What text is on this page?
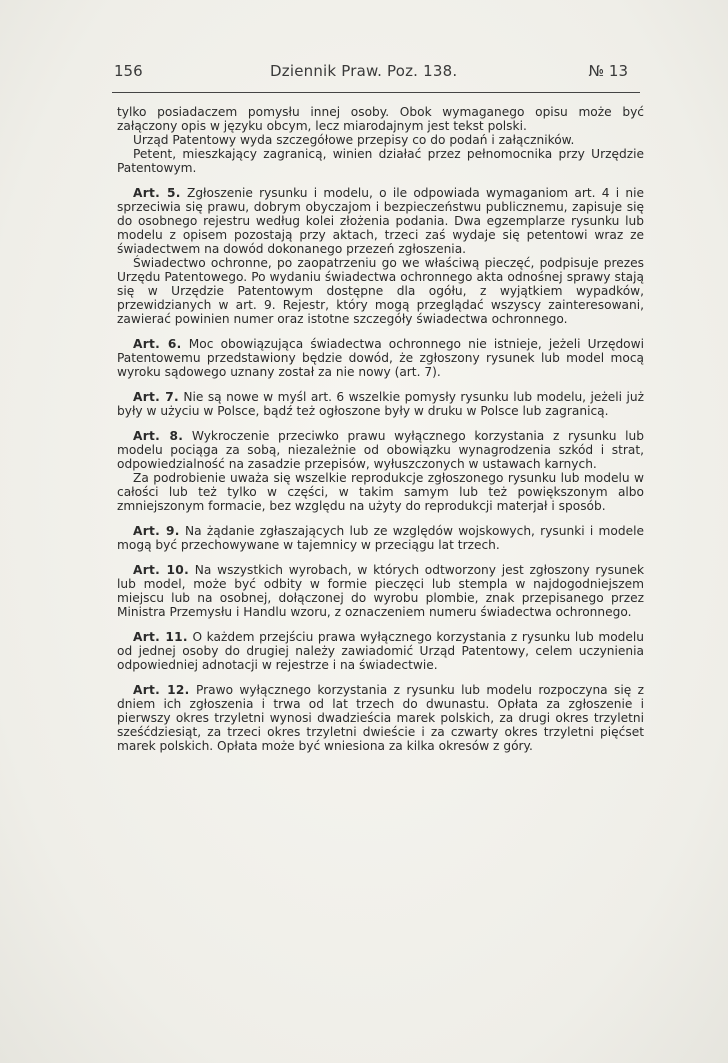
156	Dziennik Praw. Poz. 138.	№ 13

tylko posiadaczem pomysłu innej osoby. Obok wymaganego opisu może być załączony opis w języku obcym, lecz miarodajnym jest tekst polski.

Urząd Patentowy wyda szczegółowe przepisy co do podań i załączników.

Petent, mieszkający zagranicą, winien działać przez pełnomocnika przy Urzędzie Patentowym.

Art. 5. Zgłoszenie rysunku i modelu, o ile odpowiada wymaganiom art. 4 i nie sprzeciwia się prawu, dobrym obyczajom i bezpieczeństwu publicznemu, zapisuje się do osobnego rejestru według kolei złożenia podania. Dwa egzemplarze rysunku lub modelu z opisem pozostają przy aktach, trzeci zaś wydaje się petentowi wraz ze świadectwem na dowód dokonanego przezeń zgłoszenia.

Świadectwo ochronne, po zaopatrzeniu go we właściwą pieczęć, podpisuje prezes Urzędu Patentowego. Po wydaniu świadectwa ochronnego akta odnośnej sprawy stają się w Urzędzie Patentowym dostępne dla ogółu, z wyjątkiem wypadków, przewidzianych w art. 9. Rejestr, który mogą przeglądać wszyscy zainteresowani, zawierać powinien numer oraz istotne szczegóły świadectwa ochronnego.

Art. 6. Moc obowiązująca świadectwa ochronnego nie istnieje, jeżeli Urzędowi Patentowemu przedstawiony będzie dowód, że zgłoszony rysunek lub model mocą wyroku sądowego uznany został za nie nowy (art. 7).

Art. 7. Nie są nowe w myśl art. 6 wszelkie pomysły rysunku lub modelu, jeżeli już były w użyciu w Polsce, bądź też ogłoszone były w druku w Polsce lub zagranicą.

Art. 8. Wykroczenie przeciwko prawu wyłącznego korzystania z rysunku lub modelu pociąga za sobą, niezależnie od obowiązku wynagrodzenia szkód i strat, odpowiedzialność na zasadzie przepisów, wyłuszczonych w ustawach karnych.

Za podrobienie uważa się wszelkie reprodukcje zgłoszonego rysunku lub modelu w całości lub też tylko w części, w takim samym lub też powiększonym albo zmniejszonym formacie, bez względu na użyty do reprodukcji materjał i sposób.

Art. 9. Na żądanie zgłaszających lub ze względów wojskowych, rysunki i modele mogą być przechowywane w tajemnicy w przeciągu lat trzech.

Art. 10. Na wszystkich wyrobach, w których odtworzony jest zgłoszony rysunek lub model, może być odbity w formie pieczęci lub stempla w najdogodniejszem miejscu lub na osobnej, dołączonej do wyrobu plombie, znak przepisanego przez Ministra Przemysłu i Handlu wzoru, z oznaczeniem numeru świadectwa ochronnego.

Art. 11. O każdem przejściu prawa wyłącznego korzystania z rysunku lub modelu od jednej osoby do drugiej należy zawiadomić Urząd Patentowy, celem uczynienia odpowiedniej adnotacji w rejestrze i na świadectwie.

Art. 12. Prawo wyłącznego korzystania z rysunku lub modelu rozpoczyna się z dniem ich zgłoszenia i trwa od lat trzech do dwunastu. Opłata za zgłoszenie i pierwszy okres trzyletni wynosi dwadzieścia marek polskich, za drugi okres trzyletni sześćdziesiąt, za trzeci okres trzyletni dwieście i za czwarty okres trzyletni pięćset marek polskich. Opłata może być wniesiona za kilka okresów z góry.
